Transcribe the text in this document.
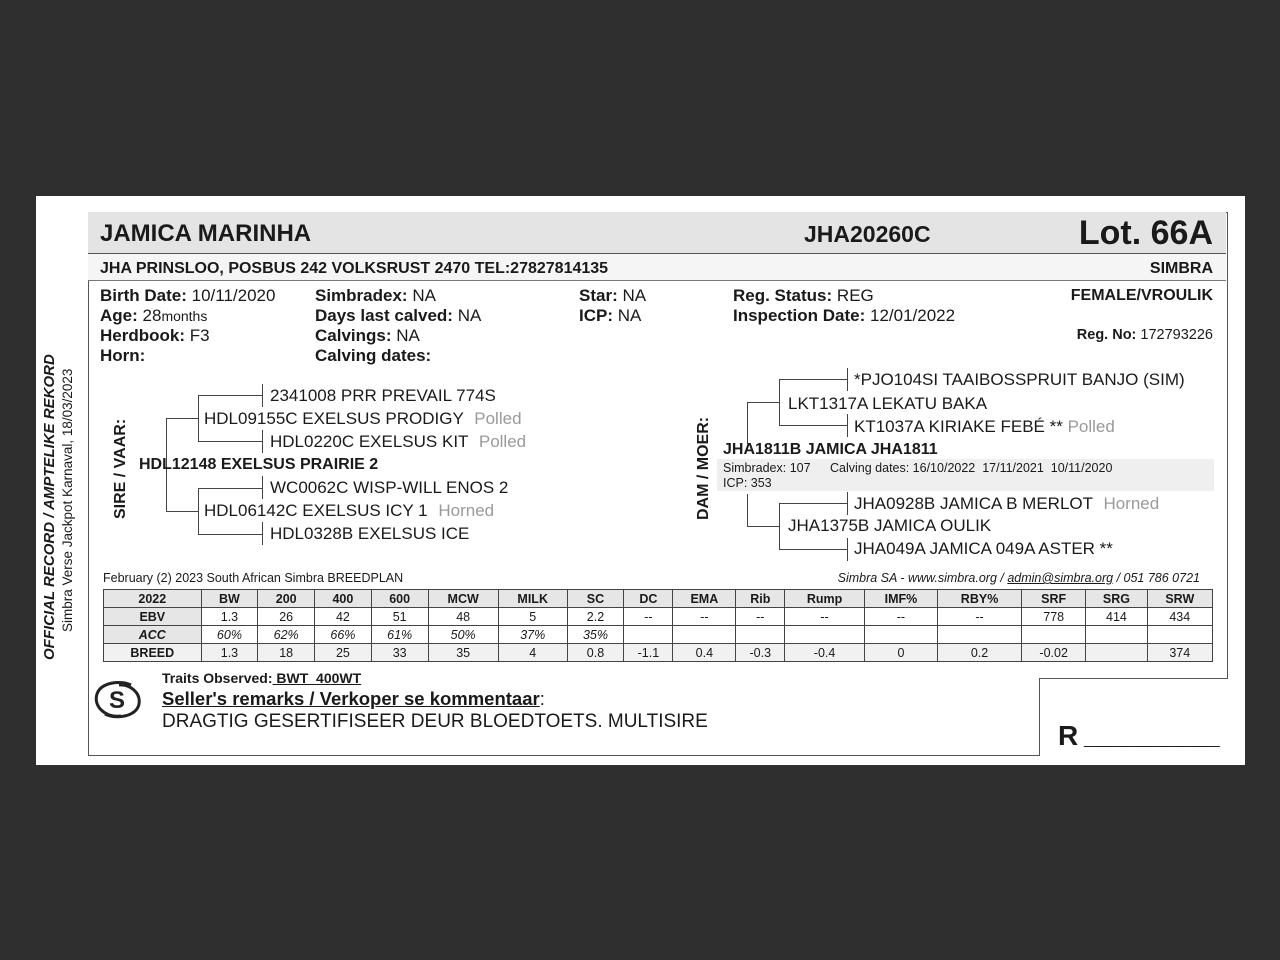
JAMICA MARINHA	JHA20260C	Lot. 66A
JHA PRINSLOO, POSBUS 242 VOLKSRUST 2470 TEL:27827814135	SIMBRA
OFFICIAL RECORD / AMPTELIKE REKORD Simbra Verse Jackpot Karnaval, 18/03/2023
Birth Date: 10/11/2020
Age: 28months
Herdbook: F3
Horn:
Simbradex: NA
Days last calved: NA
Calvings: NA
Calving dates:
Star: NA
ICP: NA
Reg. Status: REG
Inspection Date: 12/01/2022
FEMALE/VROULIK
Reg. No: 172793226
SIRE / VAAR: HDL12148 EXELSUS PRAIRIE 2
HDL09155C EXELSUS PRODIGY Polled
2341008 PRR PREVAIL 774S
HDL0220C EXELSUS KIT Polled
HDL06142C EXELSUS ICY 1 Horned
WC0062C WISP-WILL ENOS 2
HDL0328B EXELSUS ICE
DAM / MOER:
*PJO104SI TAAIBOSSPRUIT BANJO (SIM)
LKT1317A LEKATU BAKA
KT1037A KIRIAKE FEBÉ ** Polled
JHA1811B JAMICA JHA1811
Simbradex: 107 Calving dates: 16/10/2022  17/11/2021  10/11/2020
ICP: 353
JHA0928B JAMICA B MERLOT Horned
JHA1375B JAMICA OULIK
JHA049A JAMICA 049A ASTER **
February (2) 2023 South African Simbra BREEDPLAN	Simbra SA - www.simbra.org / admin@simbra.org / 051 786 0721
2022	BW	200	400	600	MCW	MILK	SC	DC	EMA	Rib	Rump	IMF%	RBY%	SRF	SRG	SRW
EBV	1.3	26	42	51	48	5	2.2	--	--	--	--	--	--	778	414	434
ACC	60%	62%	66%	61%	50%	37%	35%									
BREED	1.3	18	25	33	35	4	0.8	-1.1	0.4	-0.3	-0.4	0	0.2	-0.02		374
S
Traits Observed: BWT  400WT
Seller's remarks / Verkoper se kommentaar:
DRAGTIG GESERTIFISEER DEUR BLOEDTOETS. MULTISIRE	R __________
